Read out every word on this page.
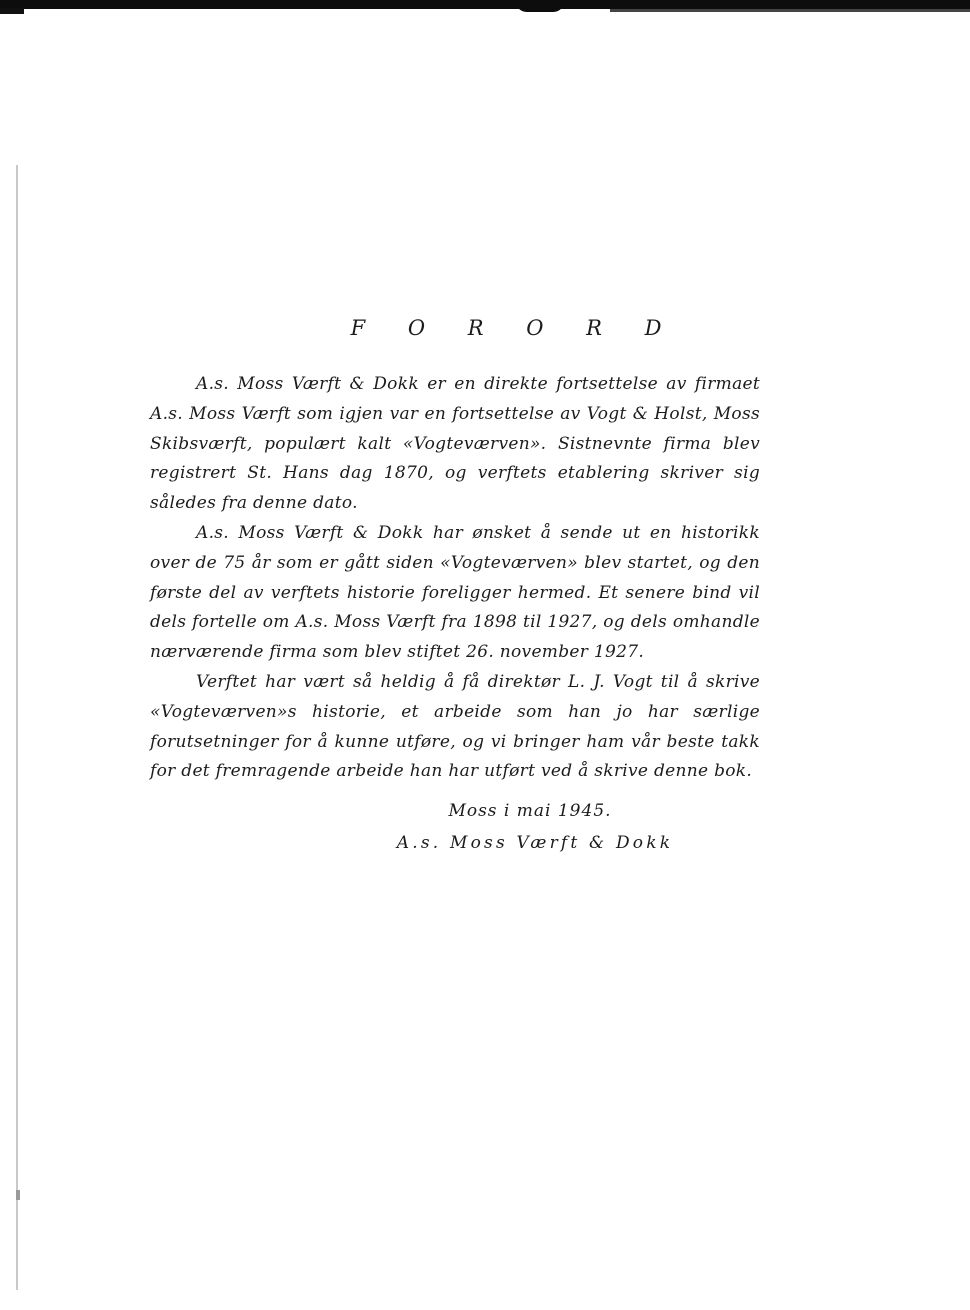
F O R O R D

A.s. Moss Værft & Dokk er en direkte fortsettelse av firmaet A.s. Moss Værft som igjen var en fortsettelse av Vogt & Holst, Moss Skibsværft, populært kalt «Vogteværven». Sistnevnte firma blev registrert St. Hans dag 1870, og verftets etablering skriver sig således fra denne dato.

A.s. Moss Værft & Dokk har ønsket å sende ut en historikk over de 75 år som er gått siden «Vogteværven» blev startet, og den første del av verftets historie foreligger hermed. Et senere bind vil dels fortelle om A.s. Moss Værft fra 1898 til 1927, og dels omhandle nærværende firma som blev stiftet 26. november 1927.

Verftet har vært så heldig å få direktør L. J. Vogt til å skrive «Vogteværven»s historie, et arbeide som han jo har særlige forutsetninger for å kunne utføre, og vi bringer ham vår beste takk for det fremragende arbeide han har utført ved å skrive denne bok.

Moss i mai 1945.
A.s. Moss Værft & Dokk
